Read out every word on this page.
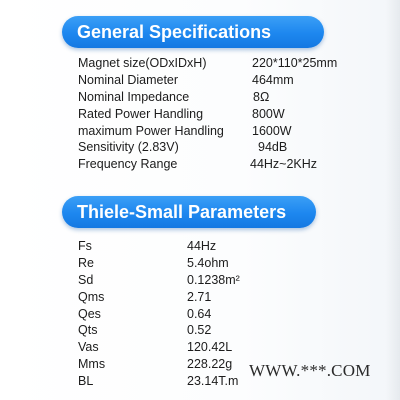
General Specifications
Magnet size(ODxIDxH)	220*110*25mm
Nominal Diameter	464mm
Nominal Impedance	8Ω
Rated Power Handling	800W
maximum Power Handling 1600W
Sensitivity (2.83V)	94dB
Frequency Range	44Hz~2KHz
Thiele-Small Parameters
Fs	44Hz
Re	5.4ohm
Sd	0.1238m²
Qms	2.71
Qes	0.64
Qts	0.52
Vas	120.42L
Mms	228.22g
BL	23.14T.m
WWW.***.COM
